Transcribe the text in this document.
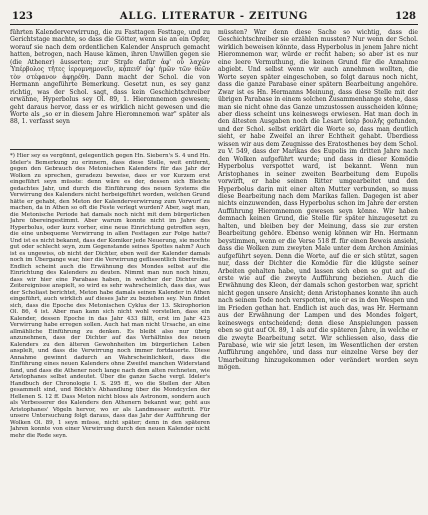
123	ALLG. LITERATUR - ZEITUNG	128

führten Kalenderverwirrung, die zu Fasttagen Festtage, und zu Gerichtstage machte, so dass die Götter, wenn sie an ein Opfer, worauf sie nach dem ordentlichen Kalender Anspruch gemacht hatten, betrogen, nach Hause kämen, ihren Unwillen gegen sie (die Athener) äusserten; zur Strafe dafür ἀφ' οὗ λαχὼν Ὑπέρβολος τῆτες ἱερομνημονεῖν, κᾆπειθ' ὑφ' ἡμῶν τῶν θεῶν τὸν στέφανον ἀφῃρέθη. Dann macht der Schol. die von Hermann angeführte Bemerkung. Gesetzt nun, es sey ganz richtig, was der Schol. sagt, dass kein Geschichtschreiber erwähne, Hyperbolus sey Ol. 89, 1. Hieromnemon gewesen; geht daraus hervor, dass er es wirklich nicht gewesen und die Worte als „so er in diesem Jahre Hieromnemon war" später als 88, 1. verfasst seyn

*) Hier sey es vergönnt, gelegentlich gegen Hn. Siebern's S. 4 und Hn. Ideler's Bemerkung zu erinnern, dass diese Stelle, weit entfernt, gegen den Gebrauch des Metonischen Kalenders für das Jahr der Wolken zu sprechen, geradezu beweise, dass er vor Kurzem erst eingeführt seyn müsste: denn wäre es der, dessen sich Bleiche gedachtes Jahr, und durch die Einführung des neuen Systems die Verwirrung des Kalenders nicht herbeigeführt worden, welchen Grund hätte er gehabt, den Meton der Kalenderverwirrung zum Vorwurf zu machen, da in Athen so oft die Feste verlegt wurden? Aber, sagt man, die Metonische Periode hat damals noch nicht mit dem bürgerlichen Jahre übereingestimmt. Aber warum konnte nicht im Jahre des Hyperbolus, oder kurz vorher, eine neue Einrichtung getroffen seyn, die eine unbequeme Verwirrung in allen Festtagen zur Folge hatte? Und ist es nicht bekannt, dass der Komiker jede Neuerung, sie mochte gut oder schlecht seyn, zum Gegenstande seines Spottes nahm? Auch ist es ungewiss, ob nicht der Dichter, eben weil der Kalender damals noch im Übergange war, hier die Verwirrung geflissentlich übertreibe. Endlich scheint auch die Erwähnung des Mondes selbst auf die Einrichtung des Kalenders zu deuten. Nimmt man nun noch hinzu, dass wir hier eine Parabase haben, in welcher der Dichter auf Zeitereignisse anspielt, so wird es sehr wahrscheinlich, dass das, was der Scholiast berichtet, Meton habe damals seinen Kalender in Athen eingeführt, auch wirklich auf dieses Jahr zu beziehen sey. Nun findet sich, dass die Epoche des Metonischen Cyklus der 13. Skirophorion Ol. 86, 4 ist. Aber man kann sich nicht wohl vorstellen, dass ein Kalender, dessen Epoche in das Jahr 433 fällt, erst im Jahr 423 Verwirrung habe erregen sollen. Auch hat man nicht Ursache, an eine allmähliche Einführung zu denken. Es bleibt also nur übrig anzunehmen, dass der Dichter auf das Verhältniss des neuen Kalenders zu den älteren Gewohnheiten im bürgerlichen Leben ansplelt, und dass die Verwirrung noch immer fortdauerte. Diese Annahme gewinnt dadurch an Wahrscheinlichkeit, dass die Einführung eines neuen Kalenders ohne Zweifel manchen Widerstand fand, und dass die Athener noch lange nach dem alten rechneten, wie Aristophanes selbst andeutet. Über die ganze Sache vergl. Ideler's Handbuch der Chronologie I. S. 295 ff., wo die Stellen der Alten gesammelt sind, und Böckh's Abhandlung über die Mondcyclen der Hellenen S. 12 ff. Dass Meton nicht bloss als Astronom, sondern auch als Verbesserer des Kalenders den Athenern bekannt war, geht aus Aristophanes' Vögeln hervor, wo er als Landmesser auftritt. Für unsere Untersuchung folgt daraus, dass das Jahr der Aufführung der Wolken Ol. 89, 1 seyn müsse, nicht später; denn in den späteren Jahren konnte von einer Verwirrung durch den neuen Kalender nicht mehr die Rede seyn.

müssten? War denn diese Sache so wichtig, dass die Geschichtschreiber sie erzählen mussten? Nur wenn der Schol. wirklich beweisen könnte, dass Hyperbolus in jenem Jahre nicht Hieromnemon war, würde er recht haben; so aber ist es nur eine leere Vermuthung, die keinen Grund für die Annahme abgiebt. Und selbst wenn wir auch annehmen wollten, die Worte seyen später eingeschoben, so folgt daraus noch nicht, dass die ganze Parabase einer spätern Bearbeitung angehöre. Zwar ist es Hn. Hermanns Meinung, dass diese Stelle mit der übrigen Parabase in einem solchen Zusammenhange stehe, dass man sie nicht ohne das Ganze umzustossen ausscheiden könne; aber diess scheint uns keineswegs erwiesen. Hat man doch in den ältesten Ausgaben noch die Lesart ὑπὲρ βουλῆς gefunden, und der Schol. selbst erklärt die Worte so, dass man deutlich sieht, er habe Zweifel an ihrer Echtheit gehabt. Überdiess wissen wir aus dem Zeugnisse des Eratosthenes bey dem Schol. zu V. 549, dass der Marikas des Eupolis im dritten Jahre nach den Wolken aufgeführt wurde; und dass in dieser Komödie Hyperbolus verspottet ward, ist bekannt. Wenn nun Aristophanes in seiner zweiten Bearbeitung dem Eupolis vorwirft, er habe seinen Ritter umgearbeitet und den Hyperbolus darin mit einer alten Mutter verbunden, so muss diese Bearbeitung nach dem Marikas fallen. Dagegen ist aber nichts einzuwenden, dass Hyperbolus schon im Jahre der ersten Aufführung Hieromnemon gewesen seyn könne. Wir haben demnach keinen Grund, die Stelle für später hinzugesetzt zu halten, und bleiben bey der Meinung, dass sie zur ersten Bearbeitung gehöre. Ebenso wenig können wir Hn. Hermann beystimmen, wenn er die Verse 518 ff. für einen Beweis ansieht, dass die Wolken zum zweyten Male unter dem Archon Aminias aufgeführt seyen. Denn die Worte, auf die er sich stützt, sagen nur, dass der Dichter die Komödie für die klügste seiner Arbeiten gehalten habe, und lassen sich eben so gut auf die erste wie auf die zweyte Aufführung beziehen. Auch die Erwähnung des Kleon, der damals schon gestorben war, spricht nicht gegen unsere Ansicht; denn Aristophanes konnte ihn auch nach seinem Tode noch verspotten, wie er es in den Wespen und im Frieden gethan hat. Endlich ist auch das, was Hr. Hermann aus der Erwähnung der Lampen und des Mondes folgert, keineswegs entscheidend; denn diese Anspielungen passen eben so gut auf Ol. 89, 1 als auf die späteren Jahre, in welche er die zweyte Bearbeitung setzt. Wir schliessen also, dass die Parabase, wie wir sie jetzt lesen, im Wesentlichen der ersten Aufführung angehöre, und dass nur einzelne Verse bey der Umarbeitung hinzugekommen oder verändert worden seyn mögen.
